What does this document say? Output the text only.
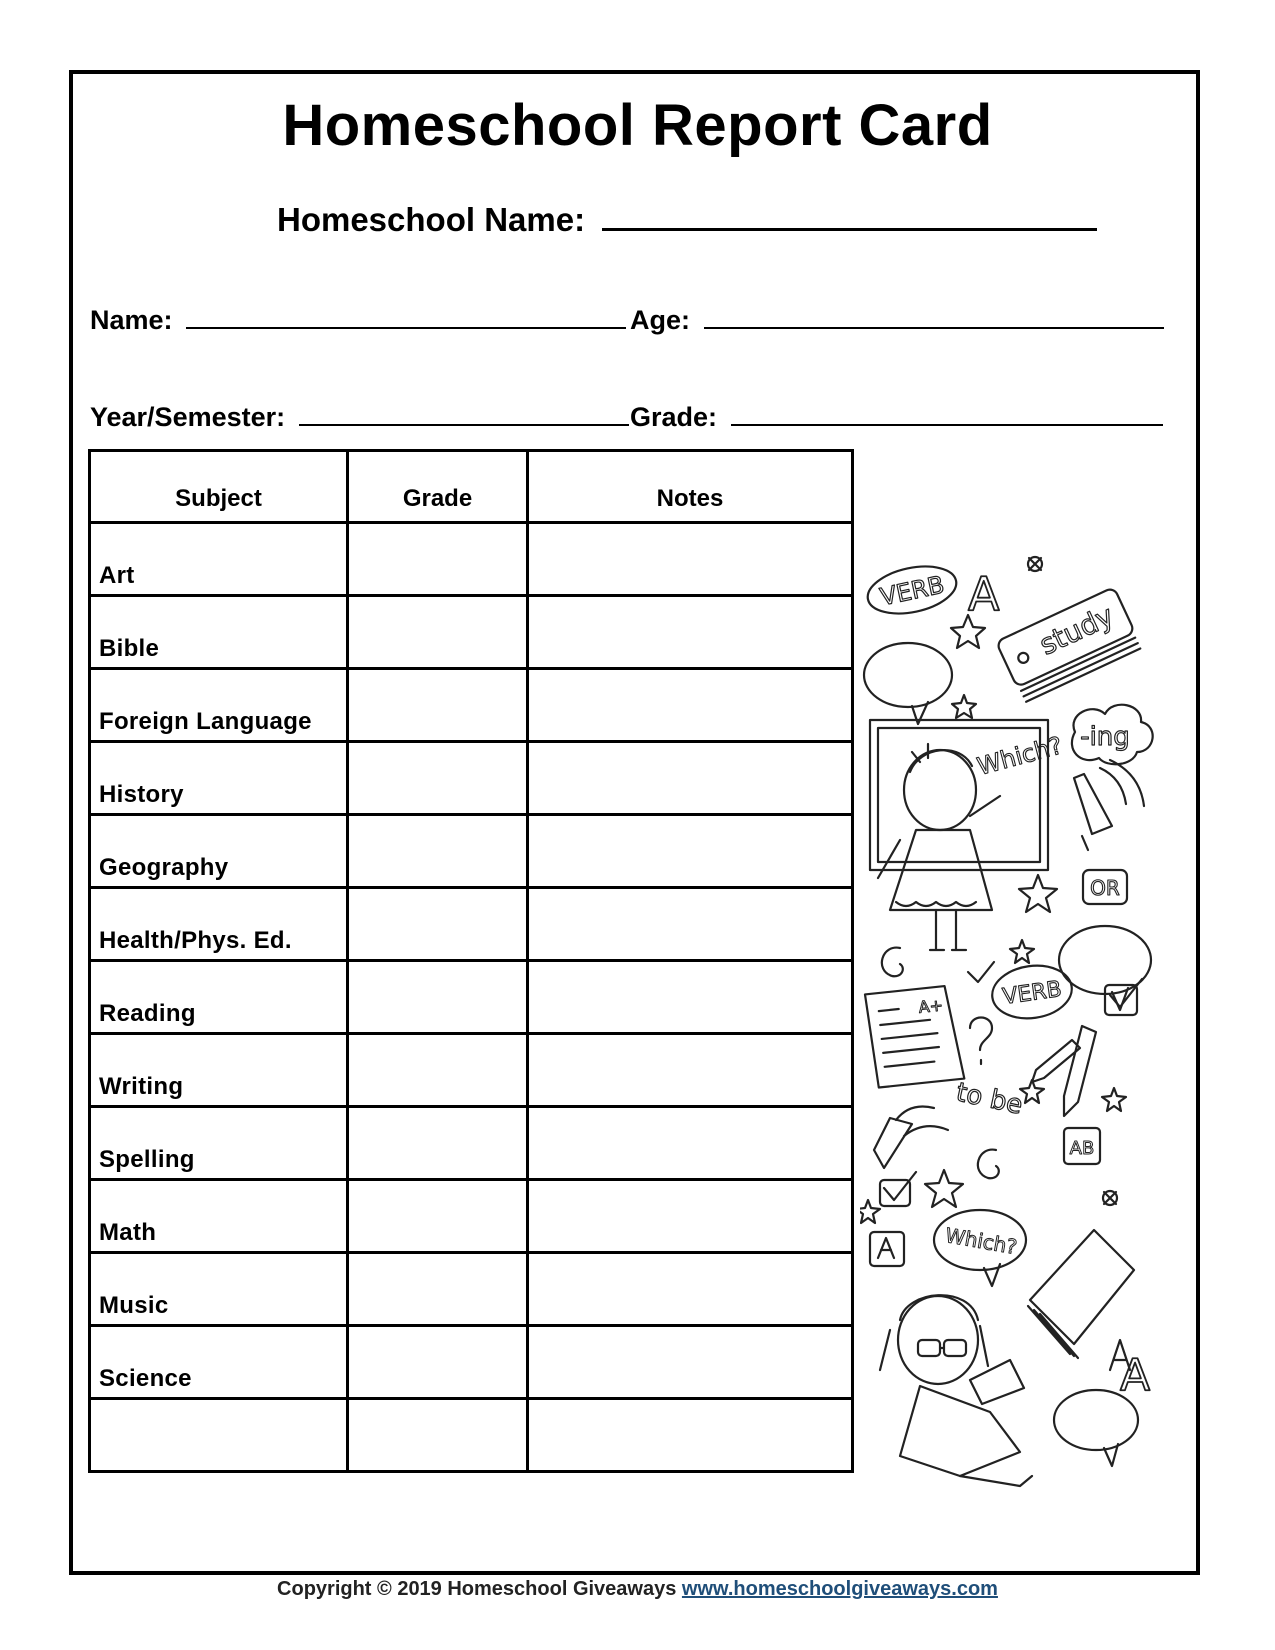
Homeschool Report Card
Homeschool Name:
Name:	Age:
Year/Semester:	Grade:
Subject	Grade	Notes
Art		
Bible		
Foreign Language		
History		
Geography		
Health/Phys. Ed.		
Reading		
Writing		
Spelling		
Math		
Music		
Science		

VERB A
study
-ing
Which?
OR
A+	VERB
to be
AB
Which?
A
Copyright © 2019 Homeschool Giveaways www.homeschoolgiveaways.com
